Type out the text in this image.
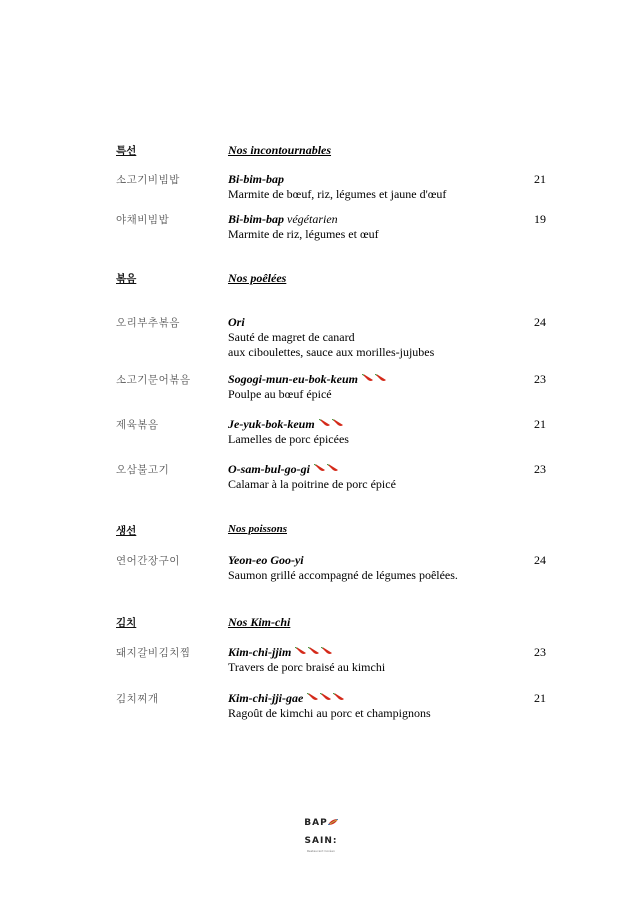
특선	Nos incontournables
소고기비빔밥	Bi-bim-bap
Marmite de bœuf, riz, légumes et jaune d'œuf
21
야채비빔밥	Bi-bim-bap végétarien
Marmite de riz, légumes et œuf
19
볶음	Nos poêlées
오리부추볶음	Ori
Sauté de magret de canard
aux ciboulettes, sauce aux morilles-jujubes
24
소고기문어볶음	Sogogi-mun-eu-bok-keum
Poulpe au bœuf épicé
23
제육볶음	Je-yuk-bok-keum
Lamelles de porc épicées
21
오삼불고기	O-sam-bul-go-gi
Calamar à la poitrine de porc épicé
23
생선	Nos poissons
연어간장구이	Yeon-eo Goo-yi
Saumon grillé accompagné de légumes poêlées.
24
김치	Nos Kim-chi
돼지갈비김치찜	Kim-chi-jjim
Travers de porc braisé au kimchi
23
김치찌개	Kim-chi-jji-gae
Ragoût de kimchi au porc et champignons
21
BAPSAIN:
Restaurant Coréen
